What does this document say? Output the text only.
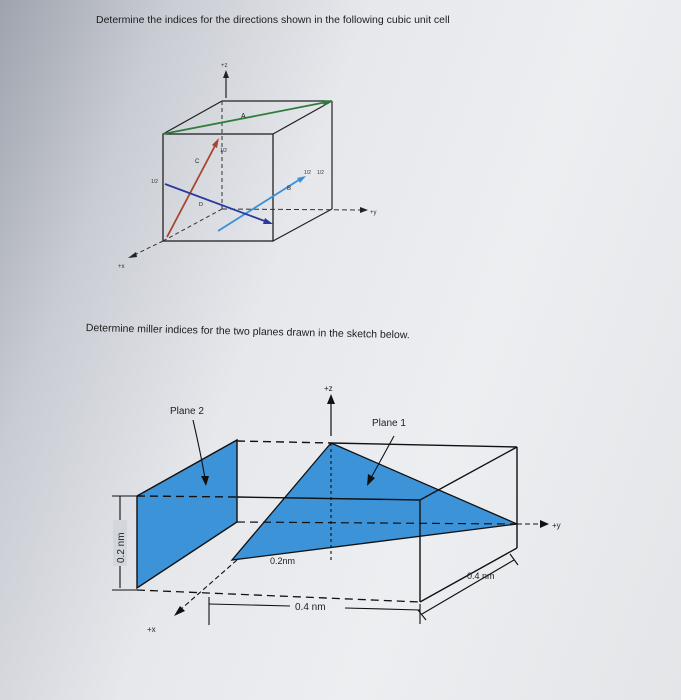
Determine the indices for the directions shown in the following cubic unit cell
+z
+y
+x
A
B
1/2 1/2
C
1/2
D
1/2
Determine miller indices for the two planes drawn in the sketch below.
+z
+y
+x
Plane 2
Plane 1
0.2 nm	0.2nm
0.4 nm
0.4 nm
